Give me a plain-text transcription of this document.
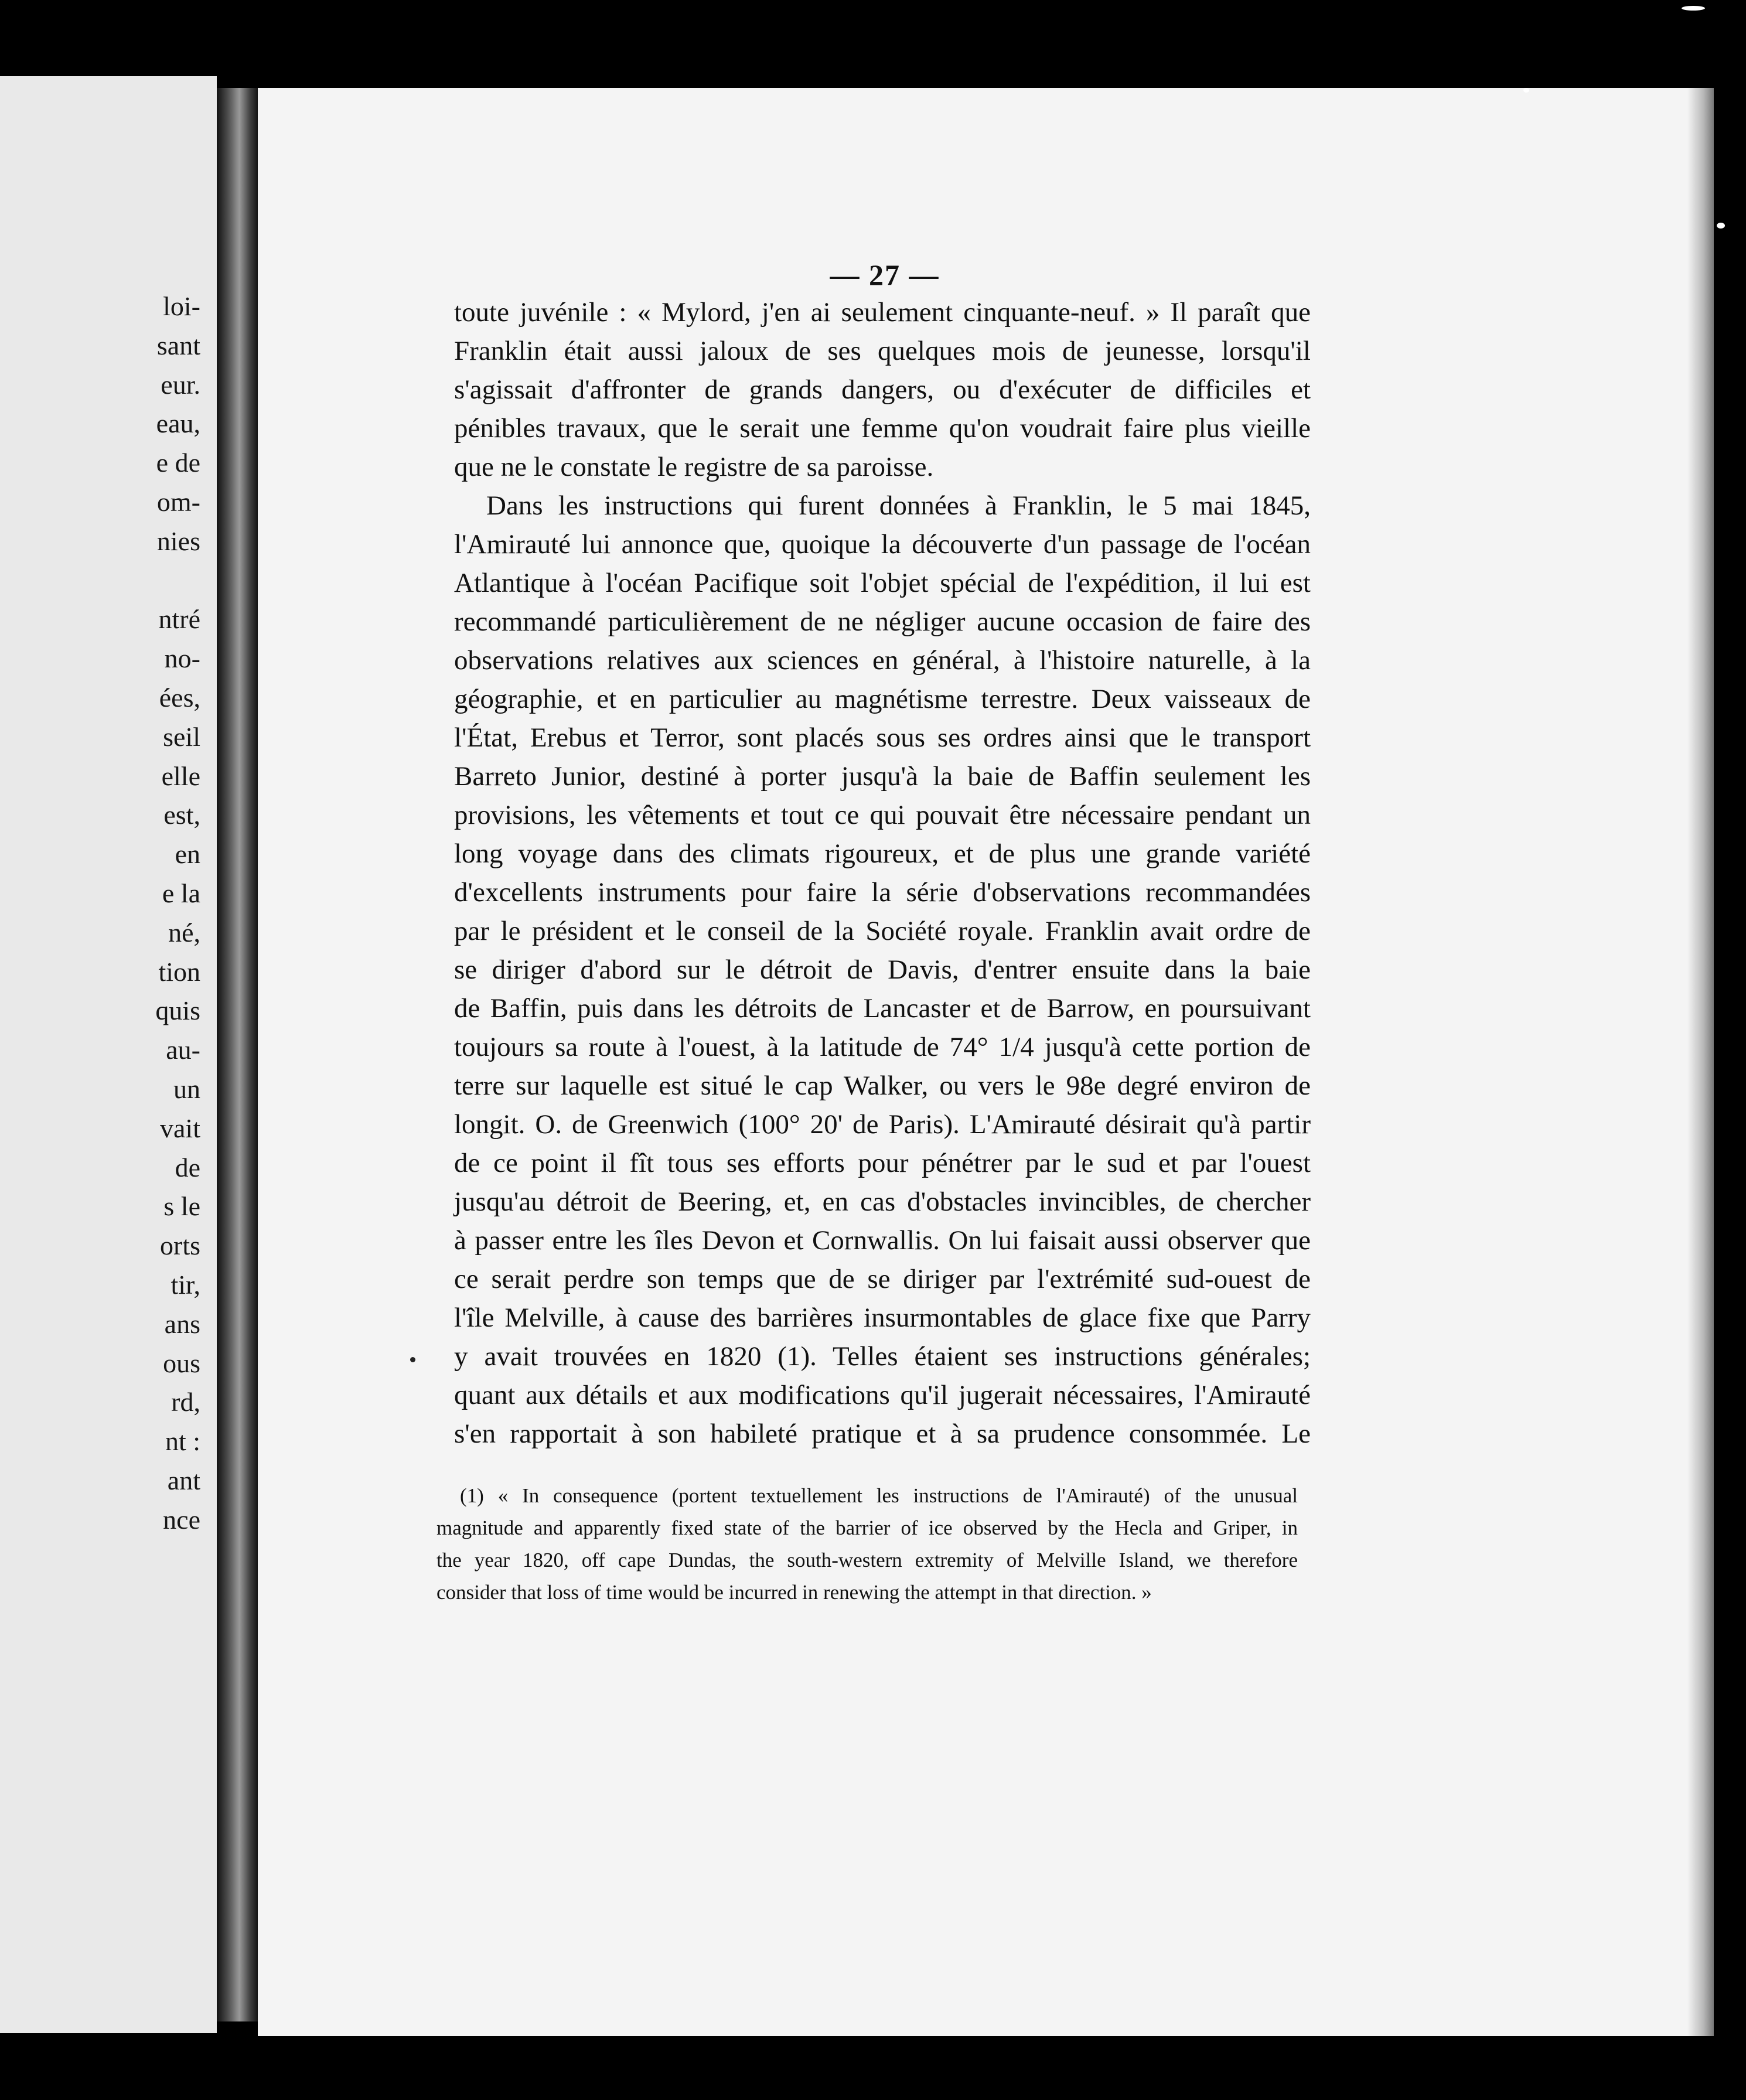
loi-
sant
eur.
eau,
e de
om-
nies

ntré
no-
ées,
seil
elle
est,
en
e la
né,
tion
quis
au-
un
vait
de
s le
orts
tir,
ans
ous
rd,
nt :
ant
nce
— 27 —
toute juvénile : « Mylord, j'en ai seulement cinquante-neuf. » Il paraît que
Franklin était aussi jaloux de ses quelques mois de jeunesse, lorsqu'il
s'agissait d'affronter de grands dangers, ou d'exécuter de difficiles et
pénibles travaux, que le serait une femme qu'on voudrait faire plus vieille
que ne le constate le registre de sa paroisse.
Dans les instructions qui furent données à Franklin, le 5 mai 1845,
l'Amirauté lui annonce que, quoique la découverte d'un passage de l'océan
Atlantique à l'océan Pacifique soit l'objet spécial de l'expédition, il lui est
recommandé particulièrement de ne négliger aucune occasion de faire des
observations relatives aux sciences en général, à l'histoire naturelle, à la
géographie, et en particulier au magnétisme terrestre. Deux vaisseaux de
l'État, Erebus et Terror, sont placés sous ses ordres ainsi que le transport
Barreto Junior, destiné à porter jusqu'à la baie de Baffin seulement les
provisions, les vêtements et tout ce qui pouvait être nécessaire pendant un
long voyage dans des climats rigoureux, et de plus une grande variété
d'excellents instruments pour faire la série d'observations recommandées
par le président et le conseil de la Société royale. Franklin avait ordre de
se diriger d'abord sur le détroit de Davis, d'entrer ensuite dans la baie
de Baffin, puis dans les détroits de Lancaster et de Barrow, en poursuivant
toujours sa route à l'ouest, à la latitude de 74° 1/4 jusqu'à cette portion de
terre sur laquelle est situé le cap Walker, ou vers le 98e degré environ de
longit. O. de Greenwich (100° 20' de Paris). L'Amirauté désirait qu'à partir
de ce point il fît tous ses efforts pour pénétrer par le sud et par l'ouest
jusqu'au détroit de Beering, et, en cas d'obstacles invincibles, de chercher
à passer entre les îles Devon et Cornwallis. On lui faisait aussi observer que
ce serait perdre son temps que de se diriger par l'extrémité sud-ouest de
l'île Melville, à cause des barrières insurmontables de glace fixe que Parry
y avait trouvées en 1820 (1). Telles étaient ses instructions générales;
quant aux détails et aux modifications qu'il jugerait nécessaires, l'Amirauté
s'en rapportait à son habileté pratique et à sa prudence consommée. Le
(1) « In consequence (portent textuellement les instructions de l'Amirauté) of the unusual
magnitude and apparently fixed state of the barrier of ice observed by the Hecla and Griper, in
the year 1820, off cape Dundas, the south-western extremity of Melville Island, we therefore
consider that loss of time would be incurred in renewing the attempt in that direction. »
